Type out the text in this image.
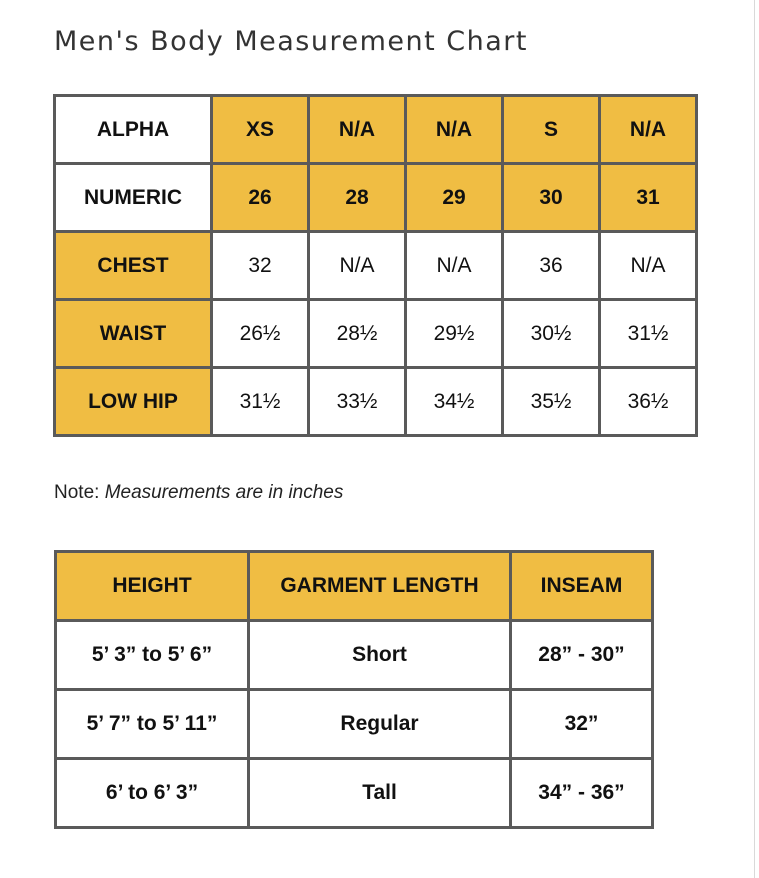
Men's Body Measurement Chart
ALPHA	XS	N/A	N/A	S	N/A
NUMERIC	26	28	29	30	31
CHEST	32	N/A	N/A	36	N/A
WAIST	26½	28½	29½	30½	31½
LOW HIP	31½	33½	34½	35½	36½
Note: Measurements are in inches
HEIGHT	GARMENT LENGTH	INSEAM
5’ 3” to 5’ 6”	Short	28” - 30”
5’ 7” to 5’ 11”	Regular	32”
6’ to 6’ 3”	Tall	34” - 36”
